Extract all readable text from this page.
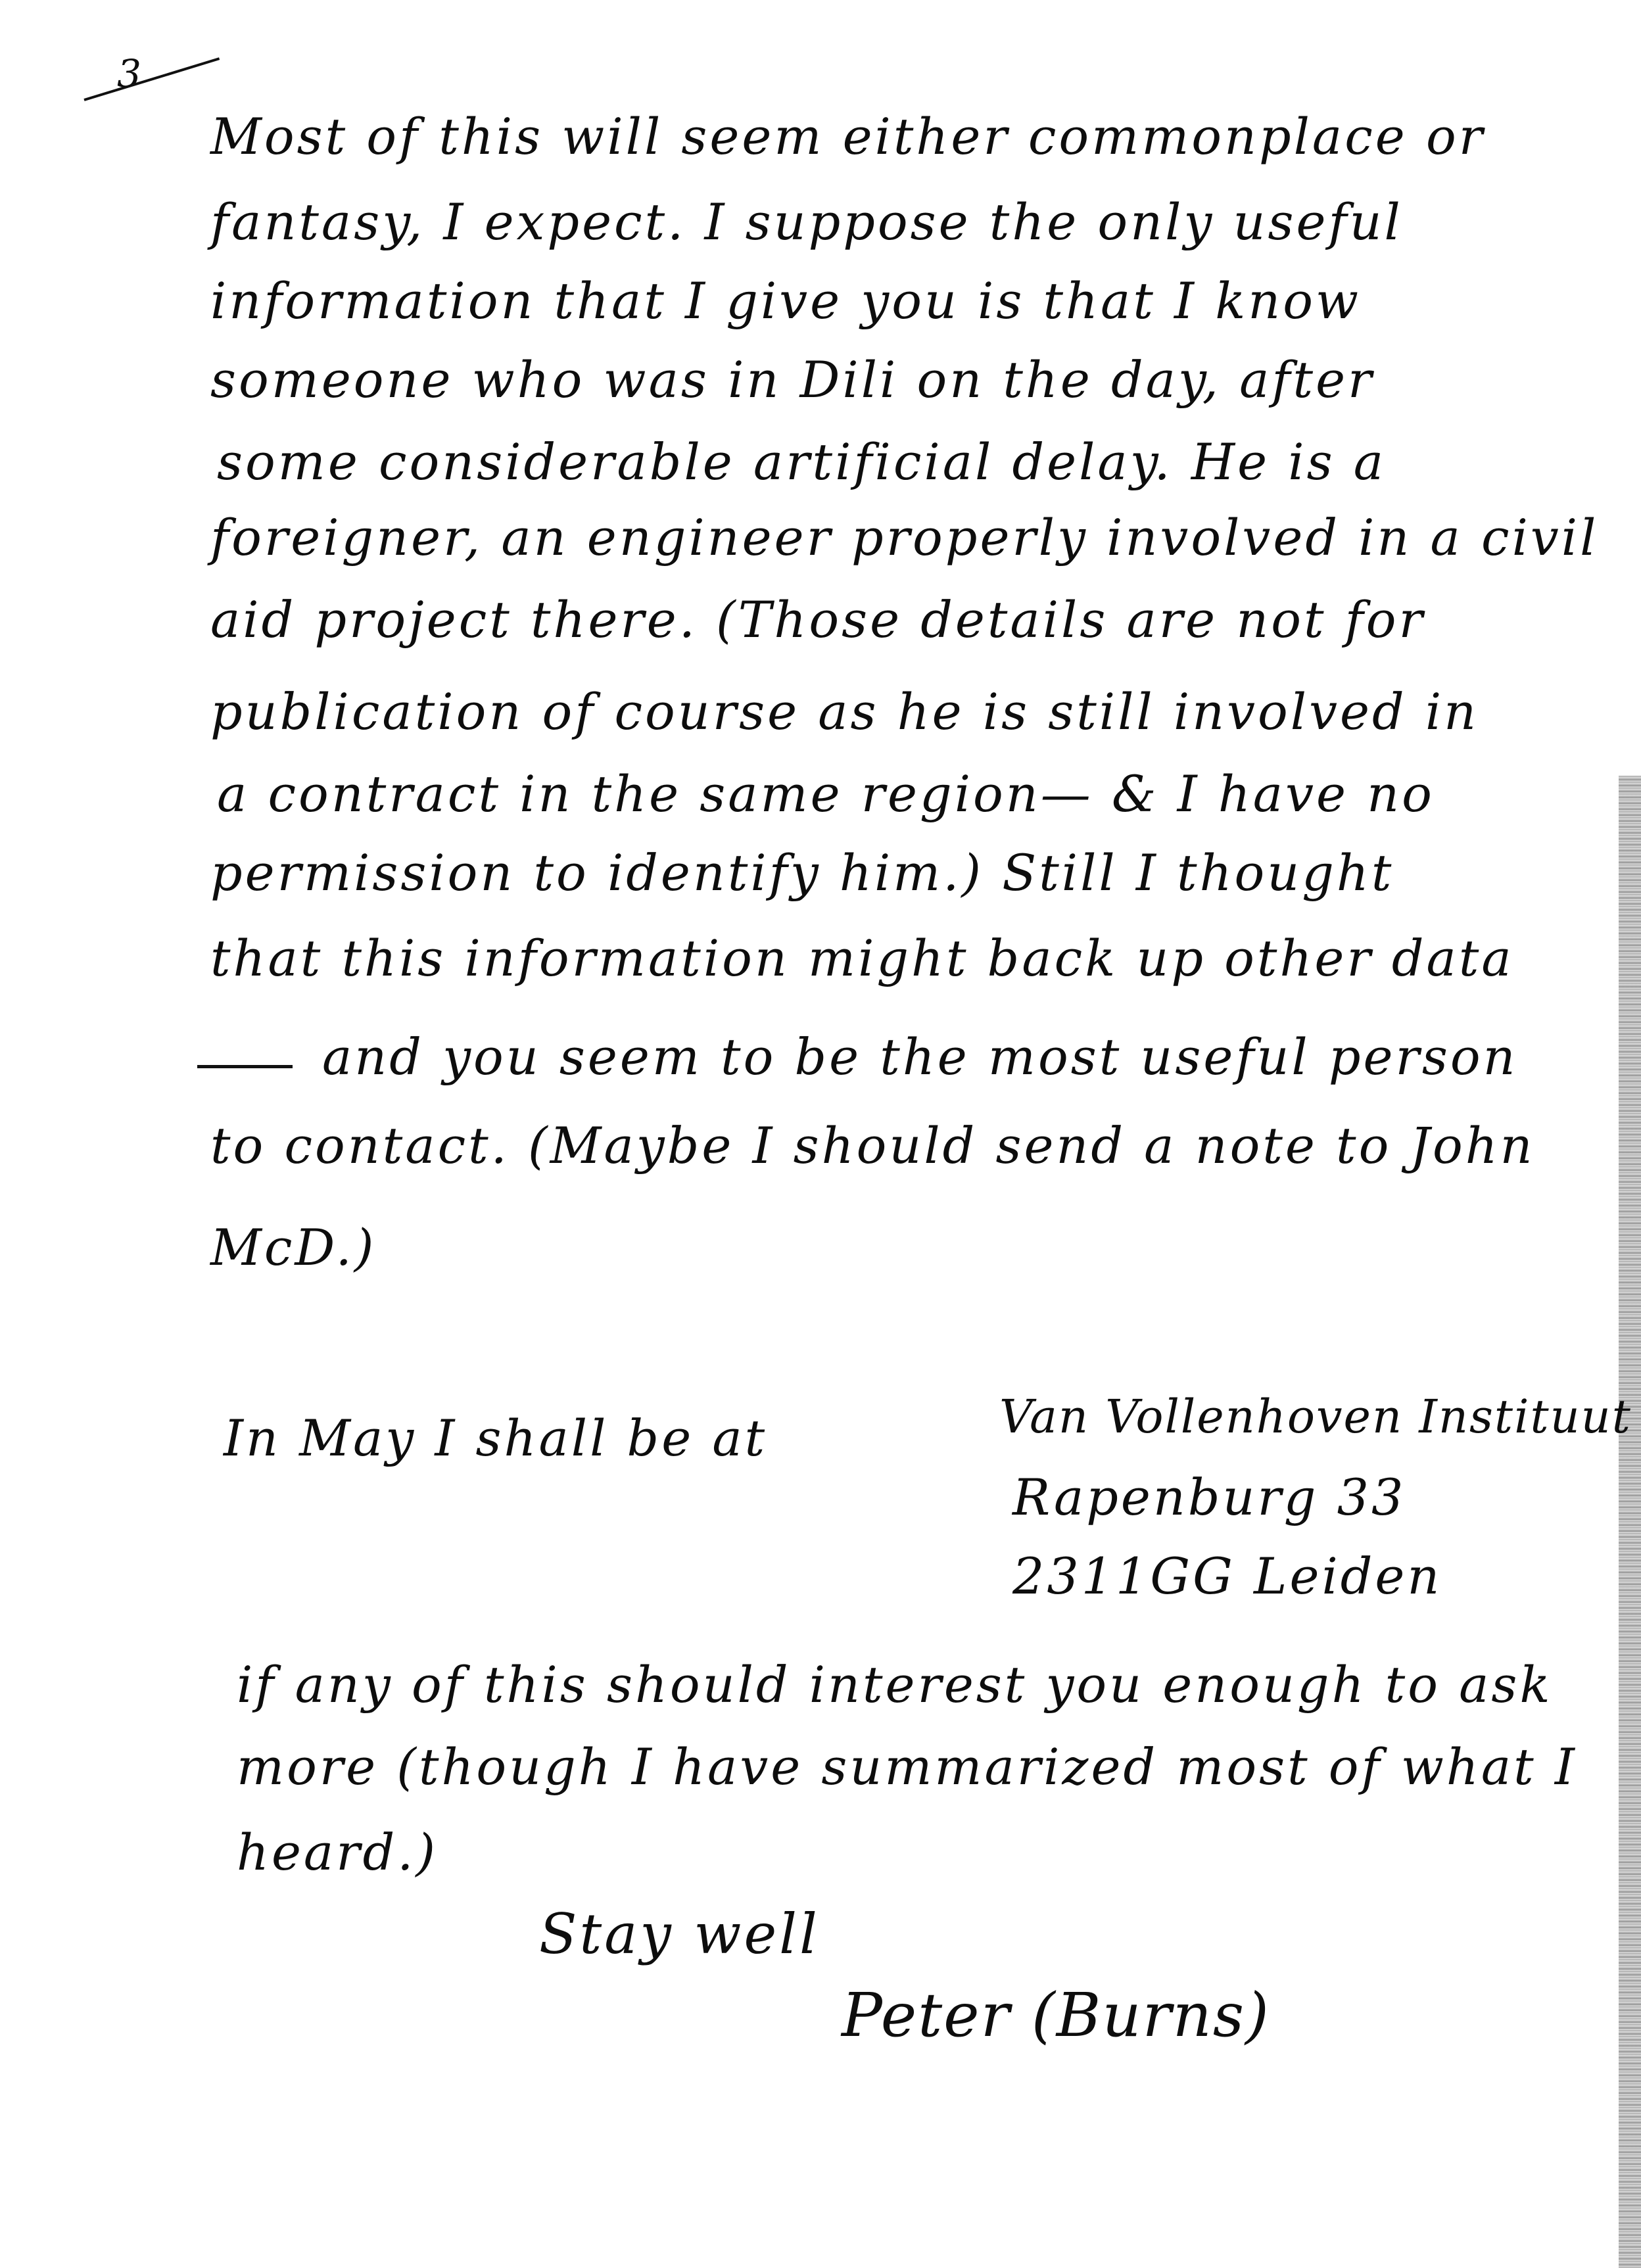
3
Most of this will seem either commonplace or
fantasy, I expect. I suppose the only useful
information that I give you is that I know
someone who was in Dili on the day, after
some considerable artificial delay. He is a
foreigner, an engineer properly involved in a civil
aid project there. (Those details are not for
publication of course as he is still involved in
a contract in the same region— & I have no
permission to identify him.) Still I thought
that this information might back up other data
and you seem to be the most useful person
to contact. (Maybe I should send a note to John
McD.)
In May I shall be at	Van Vollenhoven Instituut
Rapenburg 33
2311GG Leiden
if any of this should interest you enough to ask
more (though I have summarized most of what I
heard.)
Stay well
Peter (Burns)
